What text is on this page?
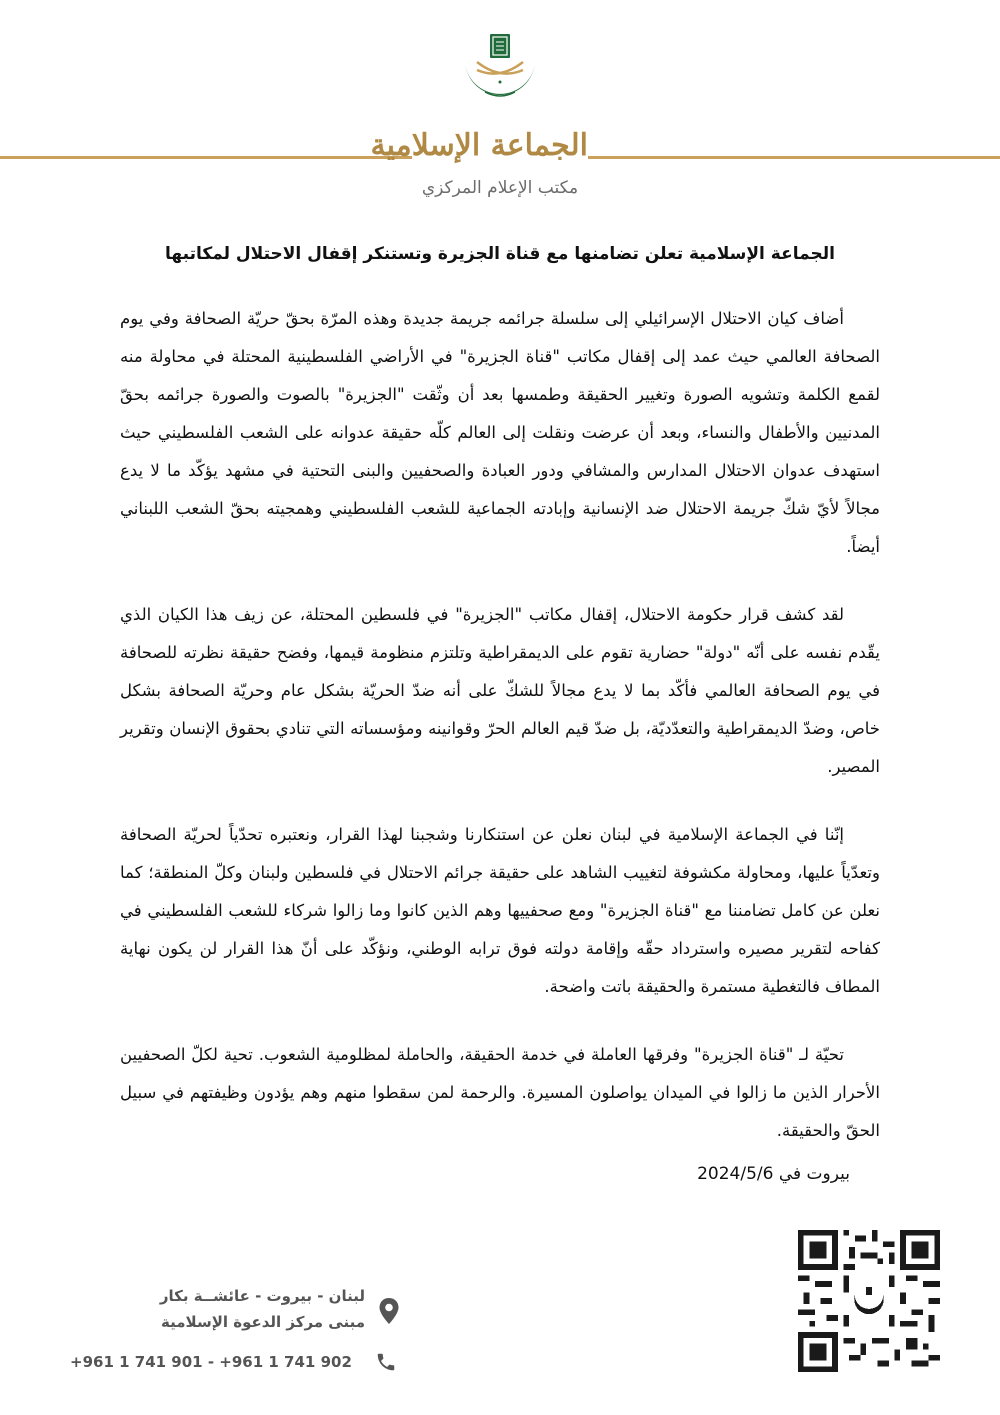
الجماعة الإسلامية
مكتب الإعلام المركزي
الجماعة الإسلامية تعلن تضامنها مع قناة الجزيرة وتستنكر إقفال الاحتلال لمكاتبها

أضاف كيان الاحتلال الإسرائيلي إلى سلسلة جرائمه جريمة جديدة وهذه المرّة بحقّ حريّة الصحافة وفي يوم الصحافة العالمي حيث عمد إلى إقفال مكاتب "قناة الجزيرة" في الأراضي الفلسطينية المحتلة في محاولة منه لقمع الكلمة وتشويه الصورة وتغيير الحقيقة وطمسها بعد أن وثّقت "الجزيرة" بالصوت والصورة جرائمه بحقّ المدنيين والأطفال والنساء، وبعد أن عرضت ونقلت إلى العالم كلّه حقيقة عدوانه على الشعب الفلسطيني حيث استهدف عدوان الاحتلال المدارس والمشافي ودور العبادة والصحفيين والبنى التحتية في مشهد يؤكّد ما لا يدع مجالاً لأيّ شكّ جريمة الاحتلال ضد الإنسانية وإبادته الجماعية للشعب الفلسطيني وهمجيته بحقّ الشعب اللبناني أيضاً.

لقد كشف قرار حكومة الاحتلال، إقفال مكاتب "الجزيرة" في فلسطين المحتلة، عن زيف هذا الكيان الذي يقّدم نفسه على أنّه "دولة" حضارية تقوم على الديمقراطية وتلتزم منظومة قيمها، وفضح حقيقة نظرته للصحافة في يوم الصحافة العالمي فأكّد بما لا يدع مجالاً للشكّ على أنه ضدّ الحريّة بشكل عام وحريّة الصحافة بشكل خاص، وضدّ الديمقراطية والتعدّديّة، بل ضدّ قيم العالم الحرّ وقوانينه ومؤسساته التي تنادي بحقوق الإنسان وتقرير المصير.

إنّنا في الجماعة الإسلامية في لبنان نعلن عن استنكارنا وشجبنا لهذا القرار، ونعتبره تحدّياً لحريّة الصحافة وتعدّياً عليها، ومحاولة مكشوفة لتغييب الشاهد على حقيقة جرائم الاحتلال في فلسطين ولبنان وكلّ المنطقة؛ كما نعلن عن كامل تضامننا مع "قناة الجزيرة" ومع صحفييها وهم الذين كانوا وما زالوا شركاء للشعب الفلسطيني في كفاحه لتقرير مصيره واسترداد حقّه وإقامة دولته فوق ترابه الوطني، ونؤكّد على أنّ هذا القرار لن يكون نهاية المطاف فالتغطية مستمرة والحقيقة باتت واضحة.

تحيّة لـ "قناة الجزيرة" وفرقها العاملة في خدمة الحقيقة، والحاملة لمظلومية الشعوب. تحية لكلّ الصحفيين الأحرار الذين ما زالوا في الميدان يواصلون المسيرة. والرحمة لمن سقطوا منهم وهم يؤدون وظيفتهم في سبيل الحقّ والحقيقة.

بيروت في 2024/5/6
لبنان - بيروت - عائشــة بكار
مبنى مركز الدعوة الإسلامية
+961 1 741 901 - +961 1 741 902
